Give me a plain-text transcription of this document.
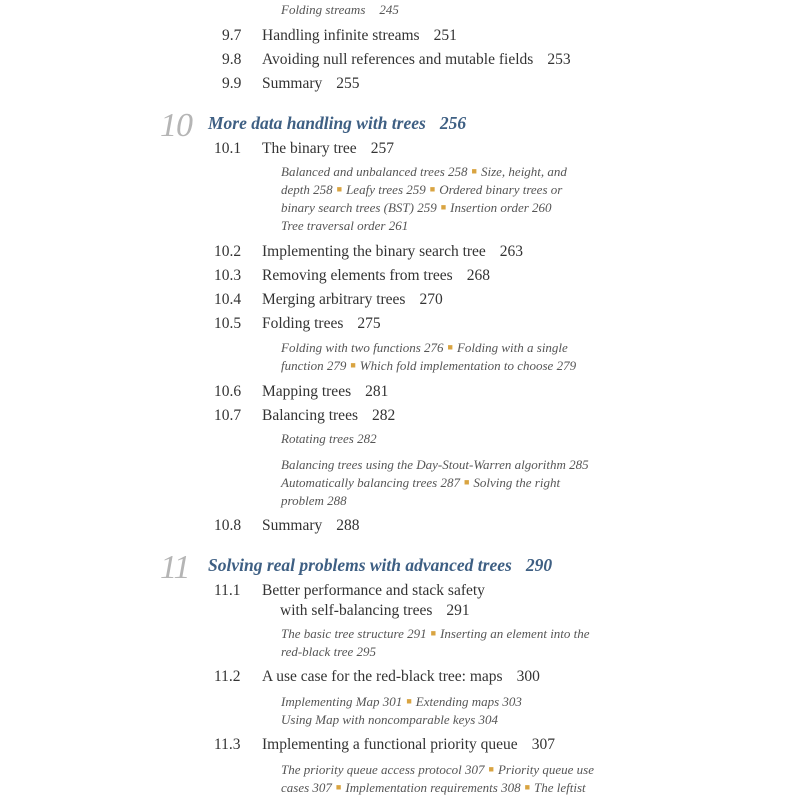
Folding streams 245
9.7 Handling infinite streams 251
9.8 Avoiding null references and mutable fields 253
9.9 Summary 255
10 More data handling with trees 256
10.1 The binary tree 257
Balanced and unbalanced trees 258 ■ Size, height, and
depth 258 ■ Leafy trees 259 ■ Ordered binary trees or
binary search trees (BST) 259 ■ Insertion order 260
Tree traversal order 261
10.2 Implementing the binary search tree 263
10.3 Removing elements from trees 268
10.4 Merging arbitrary trees 270
10.5 Folding trees 275
Folding with two functions 276 ■ Folding with a single
function 279 ■ Which fold implementation to choose 279
10.6 Mapping trees 281
10.7 Balancing trees 282
Rotating trees 282
Balancing trees using the Day-Stout-Warren algorithm 285
Automatically balancing trees 287 ■ Solving the right
problem 288
10.8 Summary 288
11 Solving real problems with advanced trees 290
11.1 Better performance and stack safety
with self-balancing trees 291
The basic tree structure 291 ■ Inserting an element into the
red-black tree 295
11.2 A use case for the red-black tree: maps 300
Implementing Map 301 ■ Extending maps 303
Using Map with noncomparable keys 304
11.3 Implementing a functional priority queue 307
The priority queue access protocol 307 ■ Priority queue use
cases 307 ■ Implementation requirements 308 ■ The leftist
